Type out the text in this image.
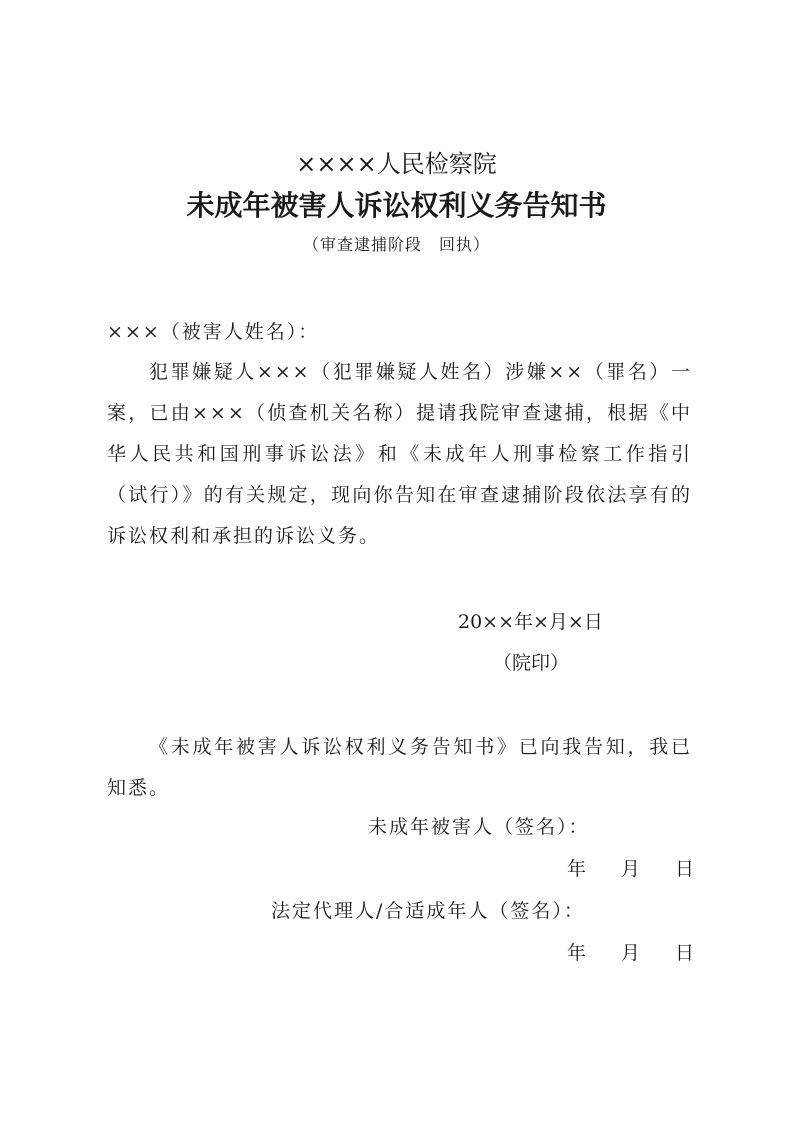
××××人民检察院
未成年被害人诉讼权利义务告知书
（审查逮捕阶段　回执）
×××（被害人姓名）：
犯罪嫌疑人×××（犯罪嫌疑人姓名）涉嫌××（罪名）一案，已由×××（侦查机关名称）提请我院审查逮捕，根据《中华人民共和国刑事诉讼法》和《未成年人刑事检察工作指引（试行）》的有关规定，现向你告知在审查逮捕阶段依法享有的诉讼权利和承担的诉讼义务。
20××年×月×日
（院印）
《未成年被害人诉讼权利义务告知书》已向我告知，我已知悉。
未成年被害人（签名）：
年 月 日
法定代理人/合适成年人（签名）：
年 月 日
